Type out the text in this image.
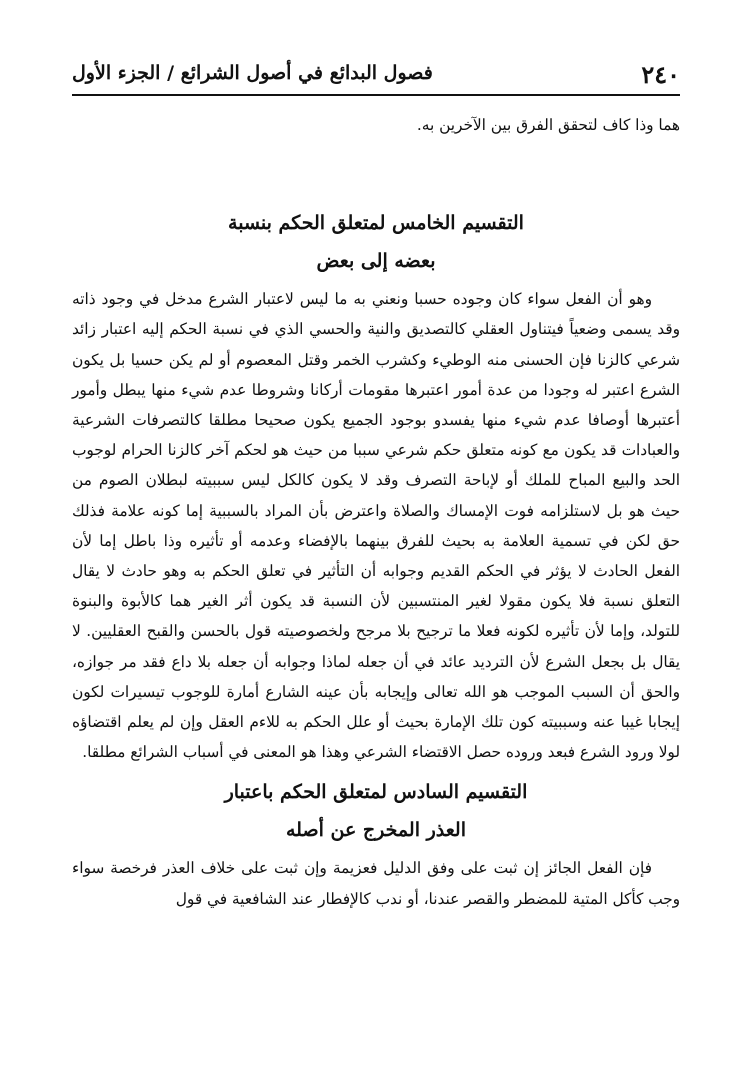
٢٤٠
فصول البدائع في أصول الشرائع / الجزء الأول

هما وذا كاف لتحقق الفرق بين الآخرين به.

التقسيم الخامس لمتعلق الحكم بنسبة

بعضه إلى بعض

وهو أن الفعل سواء كان وجوده حسبا ونعني به ما ليس لاعتبار الشرع مدخل في وجود ذاته وقد يسمى وضعياً فيتناول العقلي كالتصديق والنية والحسي الذي في نسبة الحكم إليه اعتبار زائد شرعي كالزنا فإن الحسنى منه الوطيء وكشرب الخمر وقتل المعصوم أو لم يكن حسيا بل يكون الشرع اعتبر له وجودا من عدة أمور اعتبرها مقومات أركانا وشروطا عدم شيء منها يبطل وأمور أعتبرها أوصافا عدم شيء منها يفسدو بوجود الجميع يكون صحيحا مطلقا كالتصرفات الشرعية والعبادات قد يكون مع كونه متعلق حكم شرعي سببا من حيث هو لحكم آخر كالزنا الحرام لوجوب الحد والبيع المباح للملك أو لإباحة التصرف وقد لا يكون كالكل ليس سببيته لبطلان الصوم من حيث هو بل لاستلزامه فوت الإمساك والصلاة واعترض بأن المراد بالسببية إما كونه علامة فذلك حق لكن في تسمية العلامة به بحيث للفرق بينهما بالإفضاء وعدمه أو تأثيره وذا باطل إما لأن الفعل الحادث لا يؤثر في الحكم القديم وجوابه أن التأثير في تعلق الحكم به وهو حادث لا يقال التعلق نسبة فلا يكون مقولا لغير المنتسبين لأن النسبة قد يكون أثر الغير هما كالأبوة والبنوة للتولد، وإما لأن تأثيره لكونه فعلا ما ترجيح بلا مرجح ولخصوصيته قول بالحسن والقبح العقليين. لا يقال بل بجعل الشرع لأن الترديد عائد في أن جعله لماذا وجوابه أن جعله بلا داع فقد مر جوازه، والحق أن السبب الموجب هو الله تعالى وإيجابه بأن عينه الشارع أمارة للوجوب تيسيرات لكون إيجابا غيبا عنه وسببيته كون تلك الإمارة بحيث أو علل الحكم به للاءم العقل وإن لم يعلم اقتضاؤه لولا ورود الشرع فبعد وروده حصل الاقتضاء الشرعي وهذا هو المعنى في أسباب الشرائع مطلقا.

التقسيم السادس لمتعلق الحكم باعتبار

العذر المخرج عن أصله

فإن الفعل الجائز إن ثبت على وفق الدليل فعزيمة وإن ثبت على خلاف العذر فرخصة سواء وجب كأكل المتية للمضطر والقصر عندنا، أو ندب كالإفطار عند الشافعية في قول
